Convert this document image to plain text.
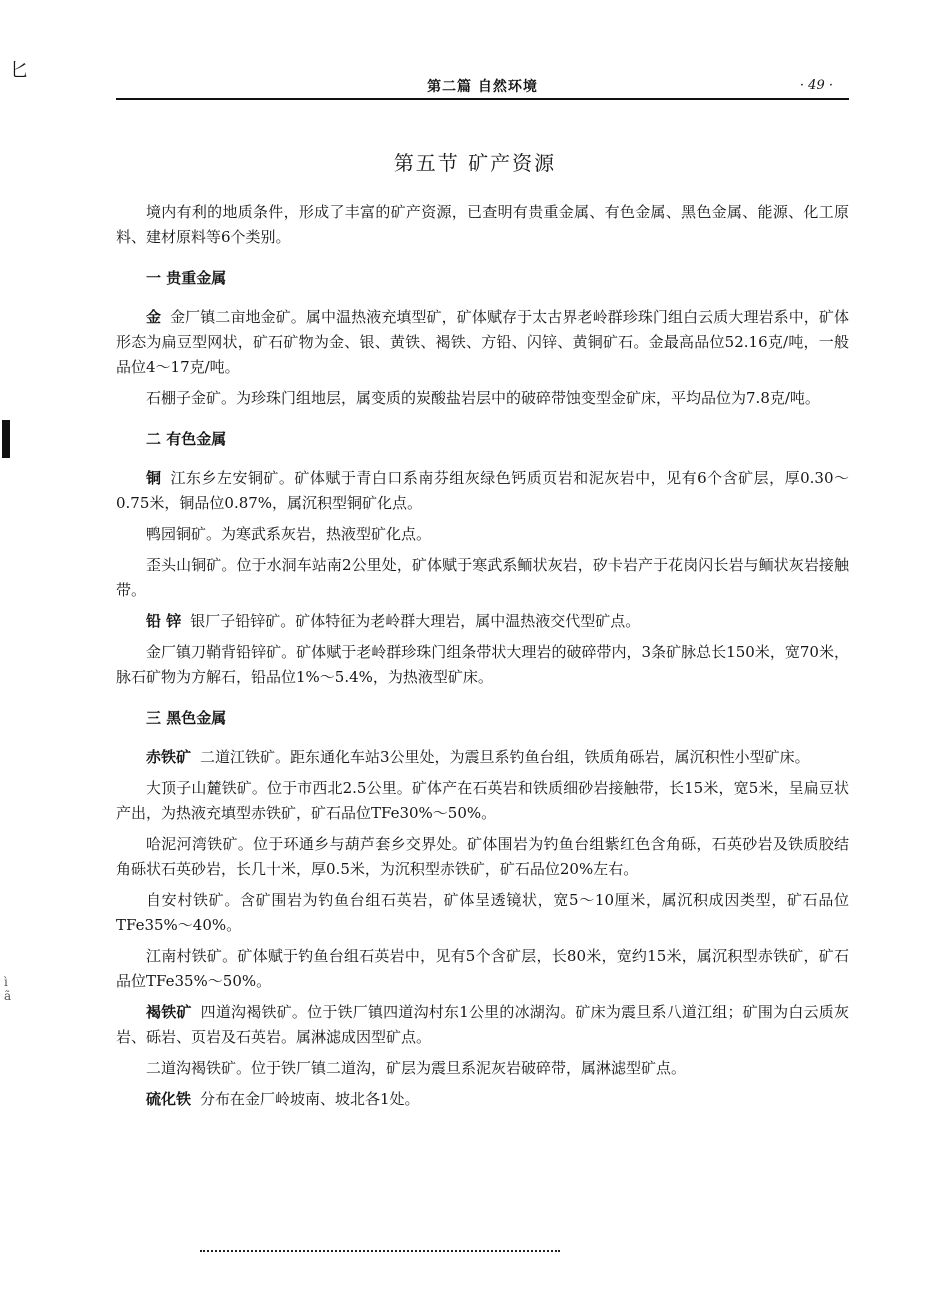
匕
ì
ã
第二篇 自然环境	· 49 ·
第五节 矿产资源

境内有利的地质条件，形成了丰富的矿产资源，已查明有贵重金属、有色金属、黑色金属、能源、化工原料、建材原料等6个类别。

一 贵重金属

金 金厂镇二亩地金矿。属中温热液充填型矿，矿体赋存于太古界老岭群珍珠门组白云质大理岩系中，矿体形态为扁豆型网状，矿石矿物为金、银、黄铁、褐铁、方铅、闪锌、黄铜矿石。金最高品位52.16克/吨，一般品位4～17克/吨。

石棚子金矿。为珍珠门组地层，属变质的炭酸盐岩层中的破碎带蚀变型金矿床，平均品位为7.8克/吨。

二 有色金属

铜 江东乡左安铜矿。矿体赋于青白口系南芬组灰绿色钙质页岩和泥灰岩中，见有6个含矿层，厚0.30～0.75米，铜品位0.87%，属沉积型铜矿化点。

鸭园铜矿。为寒武系灰岩，热液型矿化点。

歪头山铜矿。位于水洞车站南2公里处，矿体赋于寒武系鲕状灰岩，矽卡岩产于花岗闪长岩与鲕状灰岩接触带。

铅 锌 银厂子铅锌矿。矿体特征为老岭群大理岩，属中温热液交代型矿点。

金厂镇刀鞘背铅锌矿。矿体赋于老岭群珍珠门组条带状大理岩的破碎带内，3条矿脉总长150米，宽70米，脉石矿物为方解石，铅品位1%～5.4%，为热液型矿床。

三 黑色金属

赤铁矿 二道江铁矿。距东通化车站3公里处，为震旦系钓鱼台组，铁质角砾岩，属沉积性小型矿床。

大顶子山麓铁矿。位于市西北2.5公里。矿体产在石英岩和铁质细砂岩接触带，长15米，宽5米，呈扁豆状产出，为热液充填型赤铁矿，矿石品位TFe30%～50%。

哈泥河湾铁矿。位于环通乡与葫芦套乡交界处。矿体围岩为钓鱼台组紫红色含角砾，石英砂岩及铁质胶结角砾状石英砂岩，长几十米，厚0.5米，为沉积型赤铁矿，矿石品位20%左右。

自安村铁矿。含矿围岩为钓鱼台组石英岩，矿体呈透镜状，宽5～10厘米，属沉积成因类型，矿石品位TFe35%～40%。

江南村铁矿。矿体赋于钓鱼台组石英岩中，见有5个含矿层，长80米，宽约15米，属沉积型赤铁矿，矿石品位TFe35%～50%。

褐铁矿 四道沟褐铁矿。位于铁厂镇四道沟村东1公里的冰湖沟。矿床为震旦系八道江组；矿围为白云质灰岩、砾岩、页岩及石英岩。属淋滤成因型矿点。

二道沟褐铁矿。位于铁厂镇二道沟，矿层为震旦系泥灰岩破碎带，属淋滤型矿点。

硫化铁 分布在金厂岭坡南、坡北各1处。
